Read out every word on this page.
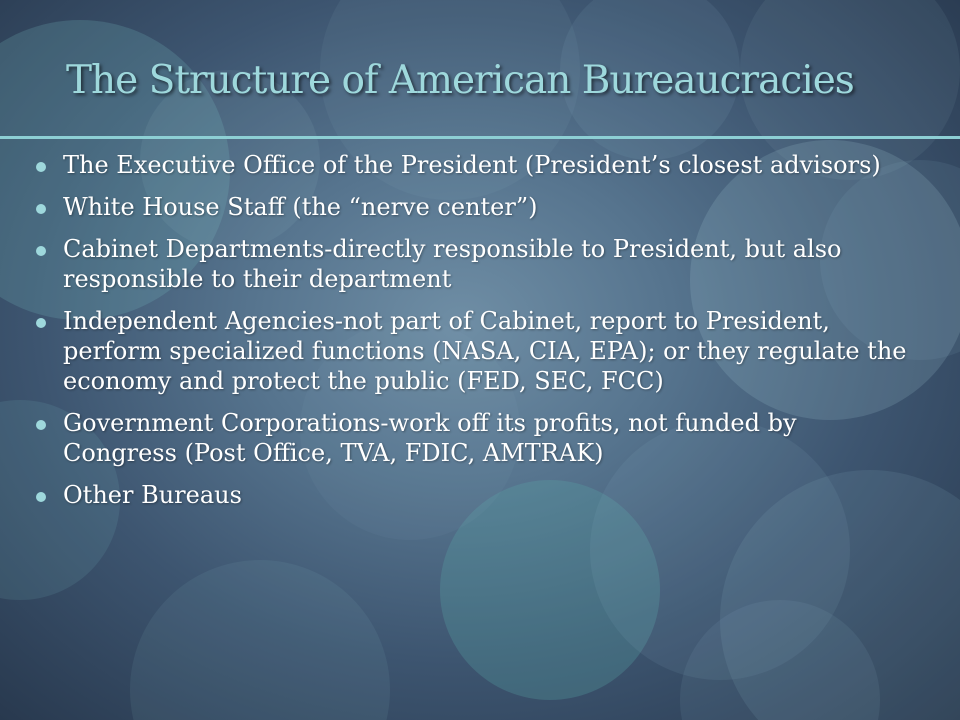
The Structure of American Bureaucracies
The Executive Office of the President (President’s closest advisors)
White House Staff (the “nerve center”)
Cabinet Departments-directly responsible to President, but also responsible to their department
Independent Agencies-not part of Cabinet, report to President, perform specialized functions (NASA, CIA, EPA); or they regulate the economy and protect the public (FED, SEC, FCC)
Government Corporations-work off its profits, not funded by Congress (Post Office, TVA, FDIC, AMTRAK)
Other Bureaus
